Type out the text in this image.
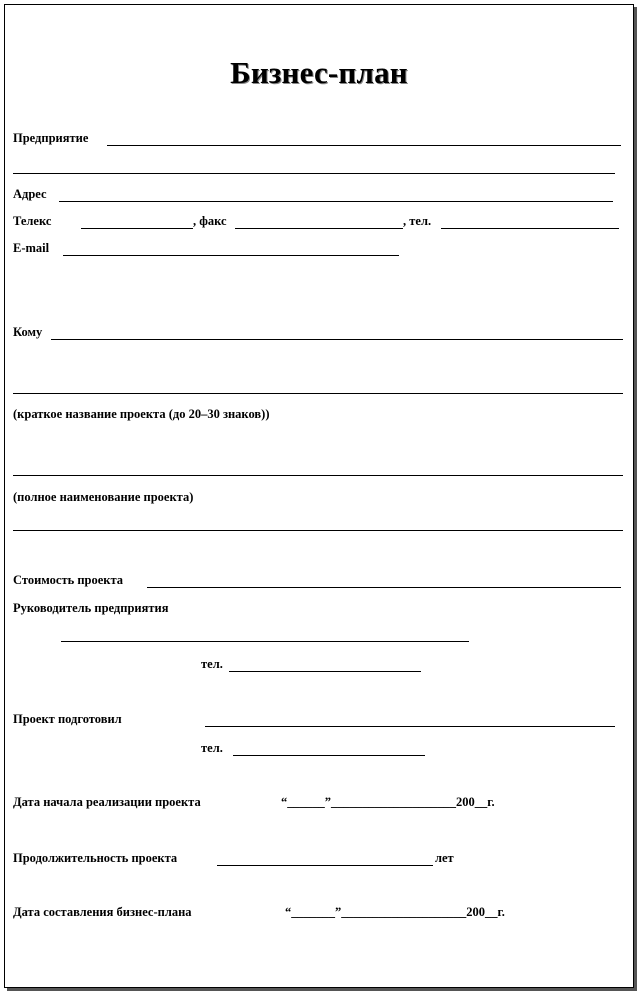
Бизнес-план
Предприятие
Адрес
Телекс	, факс	, тел.
E-mail
Кому
(краткое название проекта (до 20–30 знаков))
(полное наименование проекта)
Стоимость проекта
Руководитель предприятия
тел.
Проект подготовил
тел.
Дата начала реализации проекта	“______”____________________200__г.
Продолжительность проекта	лет
Дата составления бизнес-плана	“_______”____________________200__г.
